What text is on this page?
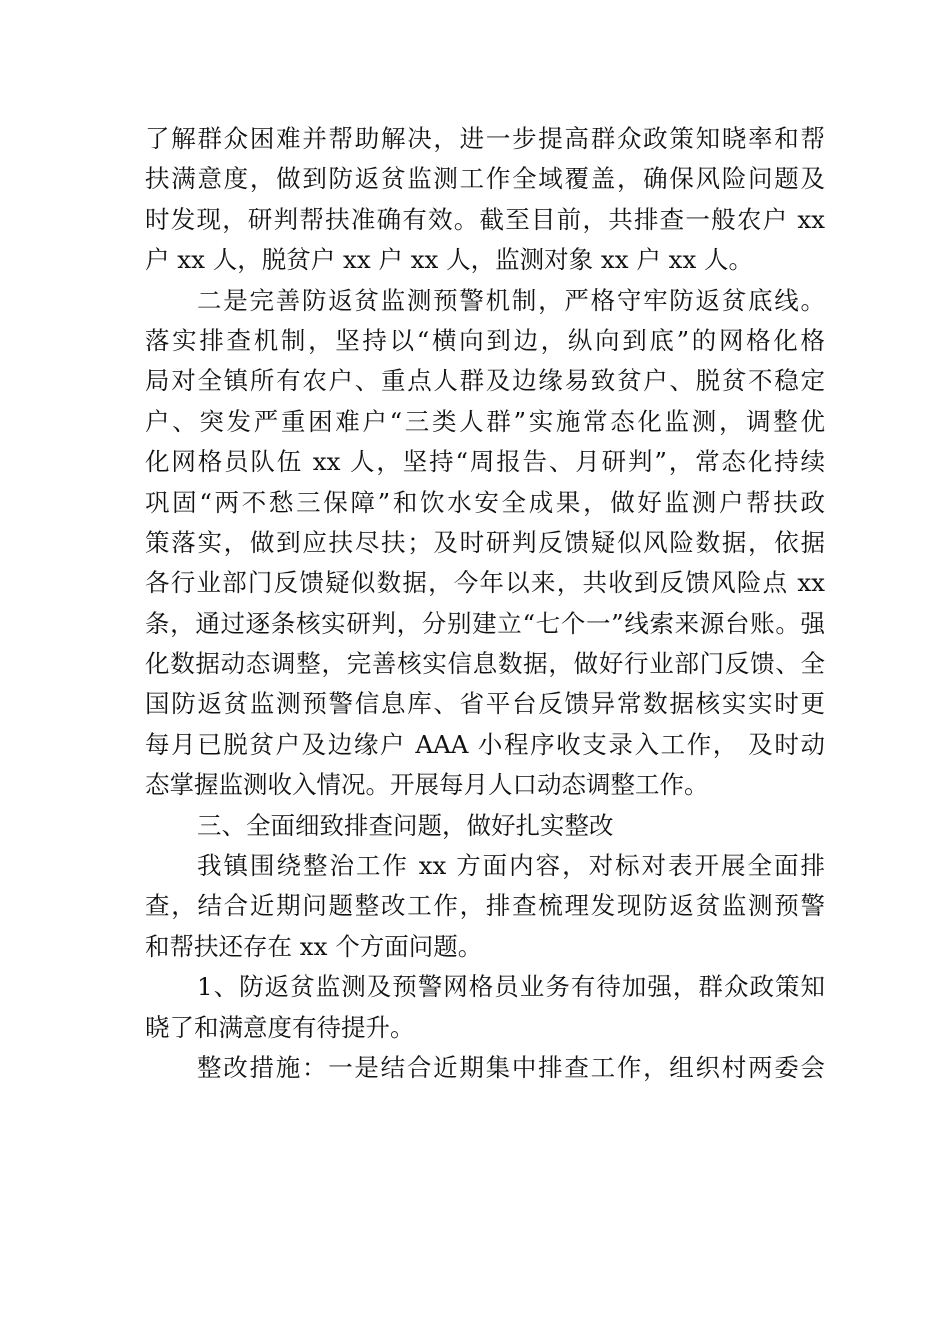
了解群众困难并帮助解决，进一步提高群众政策知晓率和帮
扶满意度，做到防返贫监测工作全域覆盖，确保风险问题及
时发现，研判帮扶准确有效。截至目前，共排查一般农户 xx
户 xx 人，脱贫户 xx 户 xx 人，监测对象 xx 户 xx 人。
二是完善防返贫监测预警机制，严格守牢防返贫底线。
落实排查机制，坚持以“横向到边，纵向到底”的网格化格
局对全镇所有农户、重点人群及边缘易致贫户、脱贫不稳定
户、突发严重困难户“三类人群”实施常态化监测，调整优
化网格员队伍 xx 人，坚持“周报告、月研判”，常态化持续
巩固“两不愁三保障”和饮水安全成果，做好监测户帮扶政
策落实，做到应扶尽扶；及时研判反馈疑似风险数据，依据
各行业部门反馈疑似数据，今年以来，共收到反馈风险点 xx
条，通过逐条核实研判，分别建立“七个一”线索来源台账。强
化数据动态调整，完善核实信息数据，做好行业部门反馈、全
国防返贫监测预警信息库、省平台反馈异常数据核实实时更
每月已脱贫户及边缘户 AAA 小程序收支录入工作， 及时动
态掌握监测收入情况。开展每月人口动态调整工作。
三、全面细致排查问题，做好扎实整改
我镇围绕整治工作 xx 方面内容，对标对表开展全面排
查，结合近期问题整改工作，排查梳理发现防返贫监测预警
和帮扶还存在 xx 个方面问题。
1、防返贫监测及预警网格员业务有待加强，群众政策知
晓了和满意度有待提升。
整改措施：一是结合近期集中排查工作，组织村两委会
